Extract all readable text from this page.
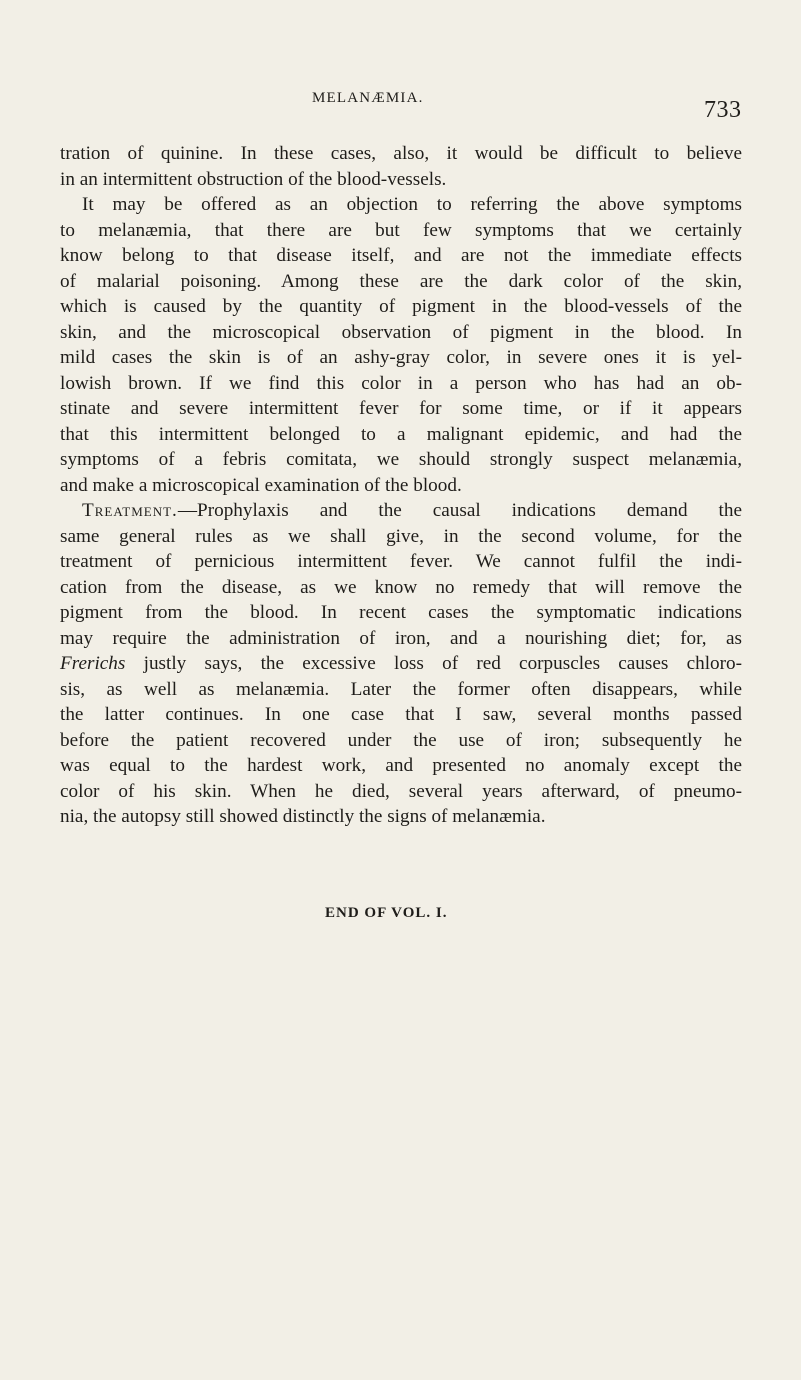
MELANÆMIA.	733
tration of quinine. In these cases, also, it would be difficult to believe
in an intermittent obstruction of the blood-vessels.
It may be offered as an objection to referring the above symptoms
to melanæmia, that there are but few symptoms that we certainly
know belong to that disease itself, and are not the immediate effects
of malarial poisoning. Among these are the dark color of the skin,
which is caused by the quantity of pigment in the blood-vessels of the
skin, and the microscopical observation of pigment in the blood. In
mild cases the skin is of an ashy-gray color, in severe ones it is yel-
lowish brown. If we find this color in a person who has had an ob-
stinate and severe intermittent fever for some time, or if it appears
that this intermittent belonged to a malignant epidemic, and had the
symptoms of a febris comitata, we should strongly suspect melanæmia,
and make a microscopical examination of the blood.
Treatment.—Prophylaxis and the causal indications demand the
same general rules as we shall give, in the second volume, for the
treatment of pernicious intermittent fever. We cannot fulfil the indi-
cation from the disease, as we know no remedy that will remove the
pigment from the blood. In recent cases the symptomatic indications
may require the administration of iron, and a nourishing diet; for, as
Frerichs justly says, the excessive loss of red corpuscles causes chloro-
sis, as well as melanæmia. Later the former often disappears, while
the latter continues. In one case that I saw, several months passed
before the patient recovered under the use of iron; subsequently he
was equal to the hardest work, and presented no anomaly except the
color of his skin. When he died, several years afterward, of pneumo-
nia, the autopsy still showed distinctly the signs of melanæmia.
END OF VOL. I.
